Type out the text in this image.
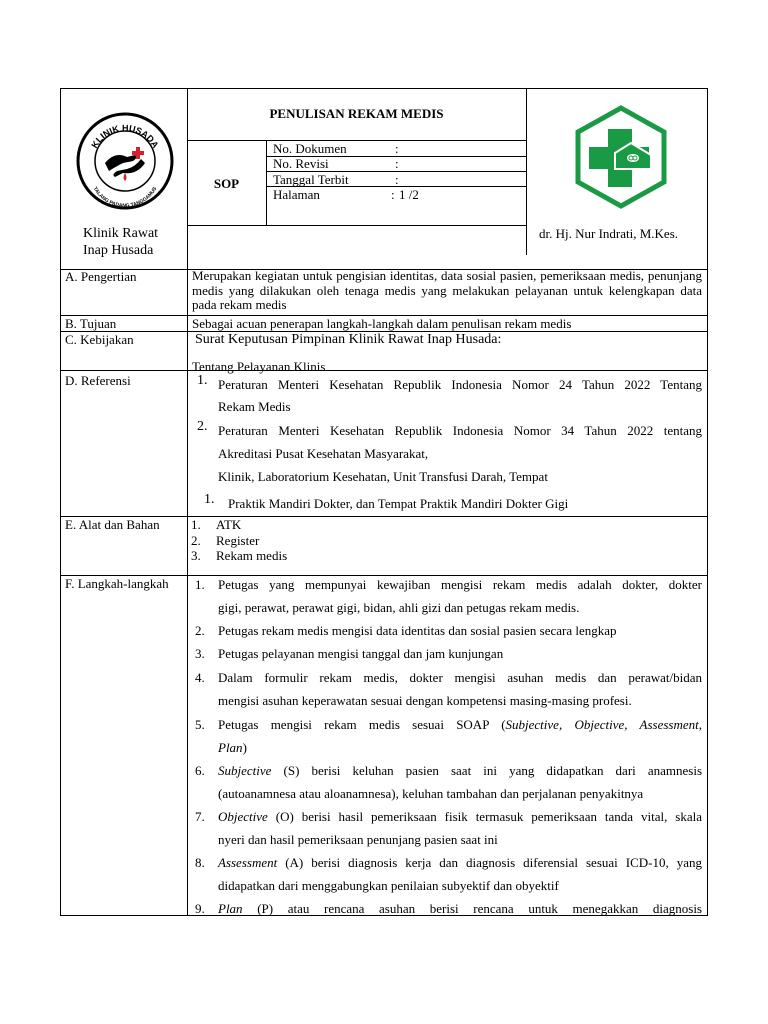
KLINIK HUSADA
TALANG PADANG TANGGAMUS
PENULISAN REKAM MEDIS
SOP
No. Dokumen	:
No. Revisi	:
Tanggal Terbit	:
Halaman	: 1 /2
Klinik Rawat Inap Husada
dr. Hj. Nur Indrati, M.Kes.
A. Pengertian	Merupakan kegiatan untuk pengisian identitas, data sosial pasien, pemeriksaan medis, penunjang medis yang dilakukan oleh tenaga medis yang melakukan pelayanan untuk kelengkapan data pada rekam medis
B. Tujuan	Sebagai acuan penerapan langkah-langkah dalam penulisan rekam medis
C. Kebijakan	Surat Keputusan Pimpinan Klinik Rawat Inap Husada:
Tentang Pelayanan Klinis
D. Referensi	1. Peraturan Menteri Kesehatan Republik Indonesia Nomor 24 Tahun 2022 Tentang
Rekam Medis
2. Peraturan Menteri Kesehatan Republik Indonesia Nomor 34 Tahun 2022 tentang
Akreditasi Pusat Kesehatan Masyarakat,
Klinik, Laboratorium Kesehatan, Unit Transfusi Darah, Tempat
1. Praktik Mandiri Dokter, dan Tempat Praktik Mandiri Dokter Gigi
E. Alat dan Bahan 1. ATK
2. Register
3. Rekam medis
F. Langkah-langkah 1. Petugas yang mempunyai kewajiban mengisi rekam medis adalah dokter, dokter
gigi, perawat, perawat gigi, bidan, ahli gizi dan petugas rekam medis.
2. Petugas rekam medis mengisi data identitas dan sosial pasien secara lengkap
3. Petugas pelayanan mengisi tanggal dan jam kunjungan
4. Dalam formulir rekam medis, dokter mengisi asuhan medis dan perawat/bidan
mengisi asuhan keperawatan sesuai dengan kompetensi masing-masing profesi.
5. Petugas mengisi rekam medis sesuai SOAP (Subjective, Objective, Assessment,
Plan)
6. Subjective (S) berisi keluhan pasien saat ini yang didapatkan dari anamnesis
(autoanamnesa atau aloanamnesa), keluhan tambahan dan perjalanan penyakitnya
7. Objective (O) berisi hasil pemeriksaan fisik termasuk pemeriksaan tanda vital, skala
nyeri dan hasil pemeriksaan penunjang pasien saat ini
8. Assessment (A) berisi diagnosis kerja dan diagnosis diferensial sesuai ICD-10, yang
didapatkan dari menggabungkan penilaian subyektif dan obyektif
9. Plan (P) atau rencana asuhan berisi rencana untuk menegakkan diagnosis
